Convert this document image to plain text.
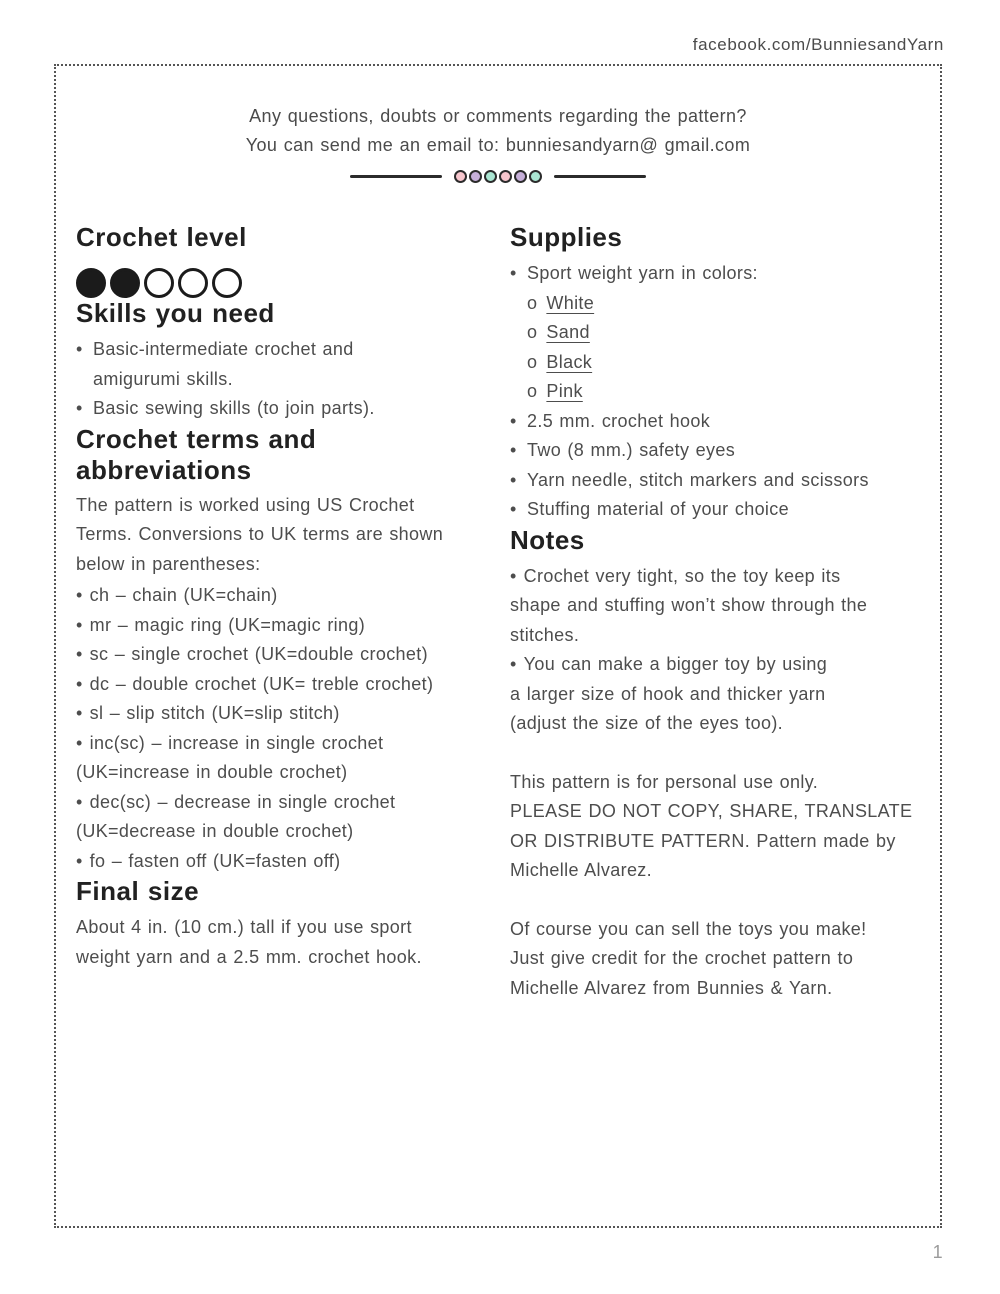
facebook.com/BunniesandYarn
Any questions, doubts or comments regarding the pattern?
You can send me an email to: bunniesandyarn@ gmail.com
Crochet level
Skills you need
• Basic-intermediate crochet and
amigurumi skills.
• Basic sewing skills (to join parts).
Crochet terms and
abbreviations

The pattern is worked using US Crochet
Terms. Conversions to UK terms are shown
below in parentheses:

• ch – chain (UK=chain)
• mr – magic ring (UK=magic ring)
• sc – single crochet (UK=double crochet)
• dc – double crochet (UK= treble crochet)
• sl – slip stitch (UK=slip stitch)
• inc(sc) – increase in single crochet
(UK=increase in double crochet)
• dec(sc) – decrease in single crochet
(UK=decrease in double crochet)
• fo – fasten off (UK=fasten off)
Final size

About 4 in. (10 cm.) tall if you use sport
weight yarn and a 2.5 mm. crochet hook.

Supplies
• Sport weight yarn in colors:
o White
o Sand
o Black
o Pink
• 2.5 mm. crochet hook
• Two (8 mm.) safety eyes
• Yarn needle, stitch markers and scissors
• Stuffing material of your choice
Notes
• Crochet very tight, so the toy keep its
shape and stuffing won’t show through the
stitches.
• You can make a bigger toy by using
a larger size of hook and thicker yarn
(adjust the size of the eyes too).

This pattern is for personal use only.
PLEASE DO NOT COPY, SHARE, TRANSLATE
OR DISTRIBUTE PATTERN. Pattern made by
Michelle Alvarez.

Of course you can sell the toys you make!
Just give credit for the crochet pattern to
Michelle Alvarez from Bunnies & Yarn.

1
